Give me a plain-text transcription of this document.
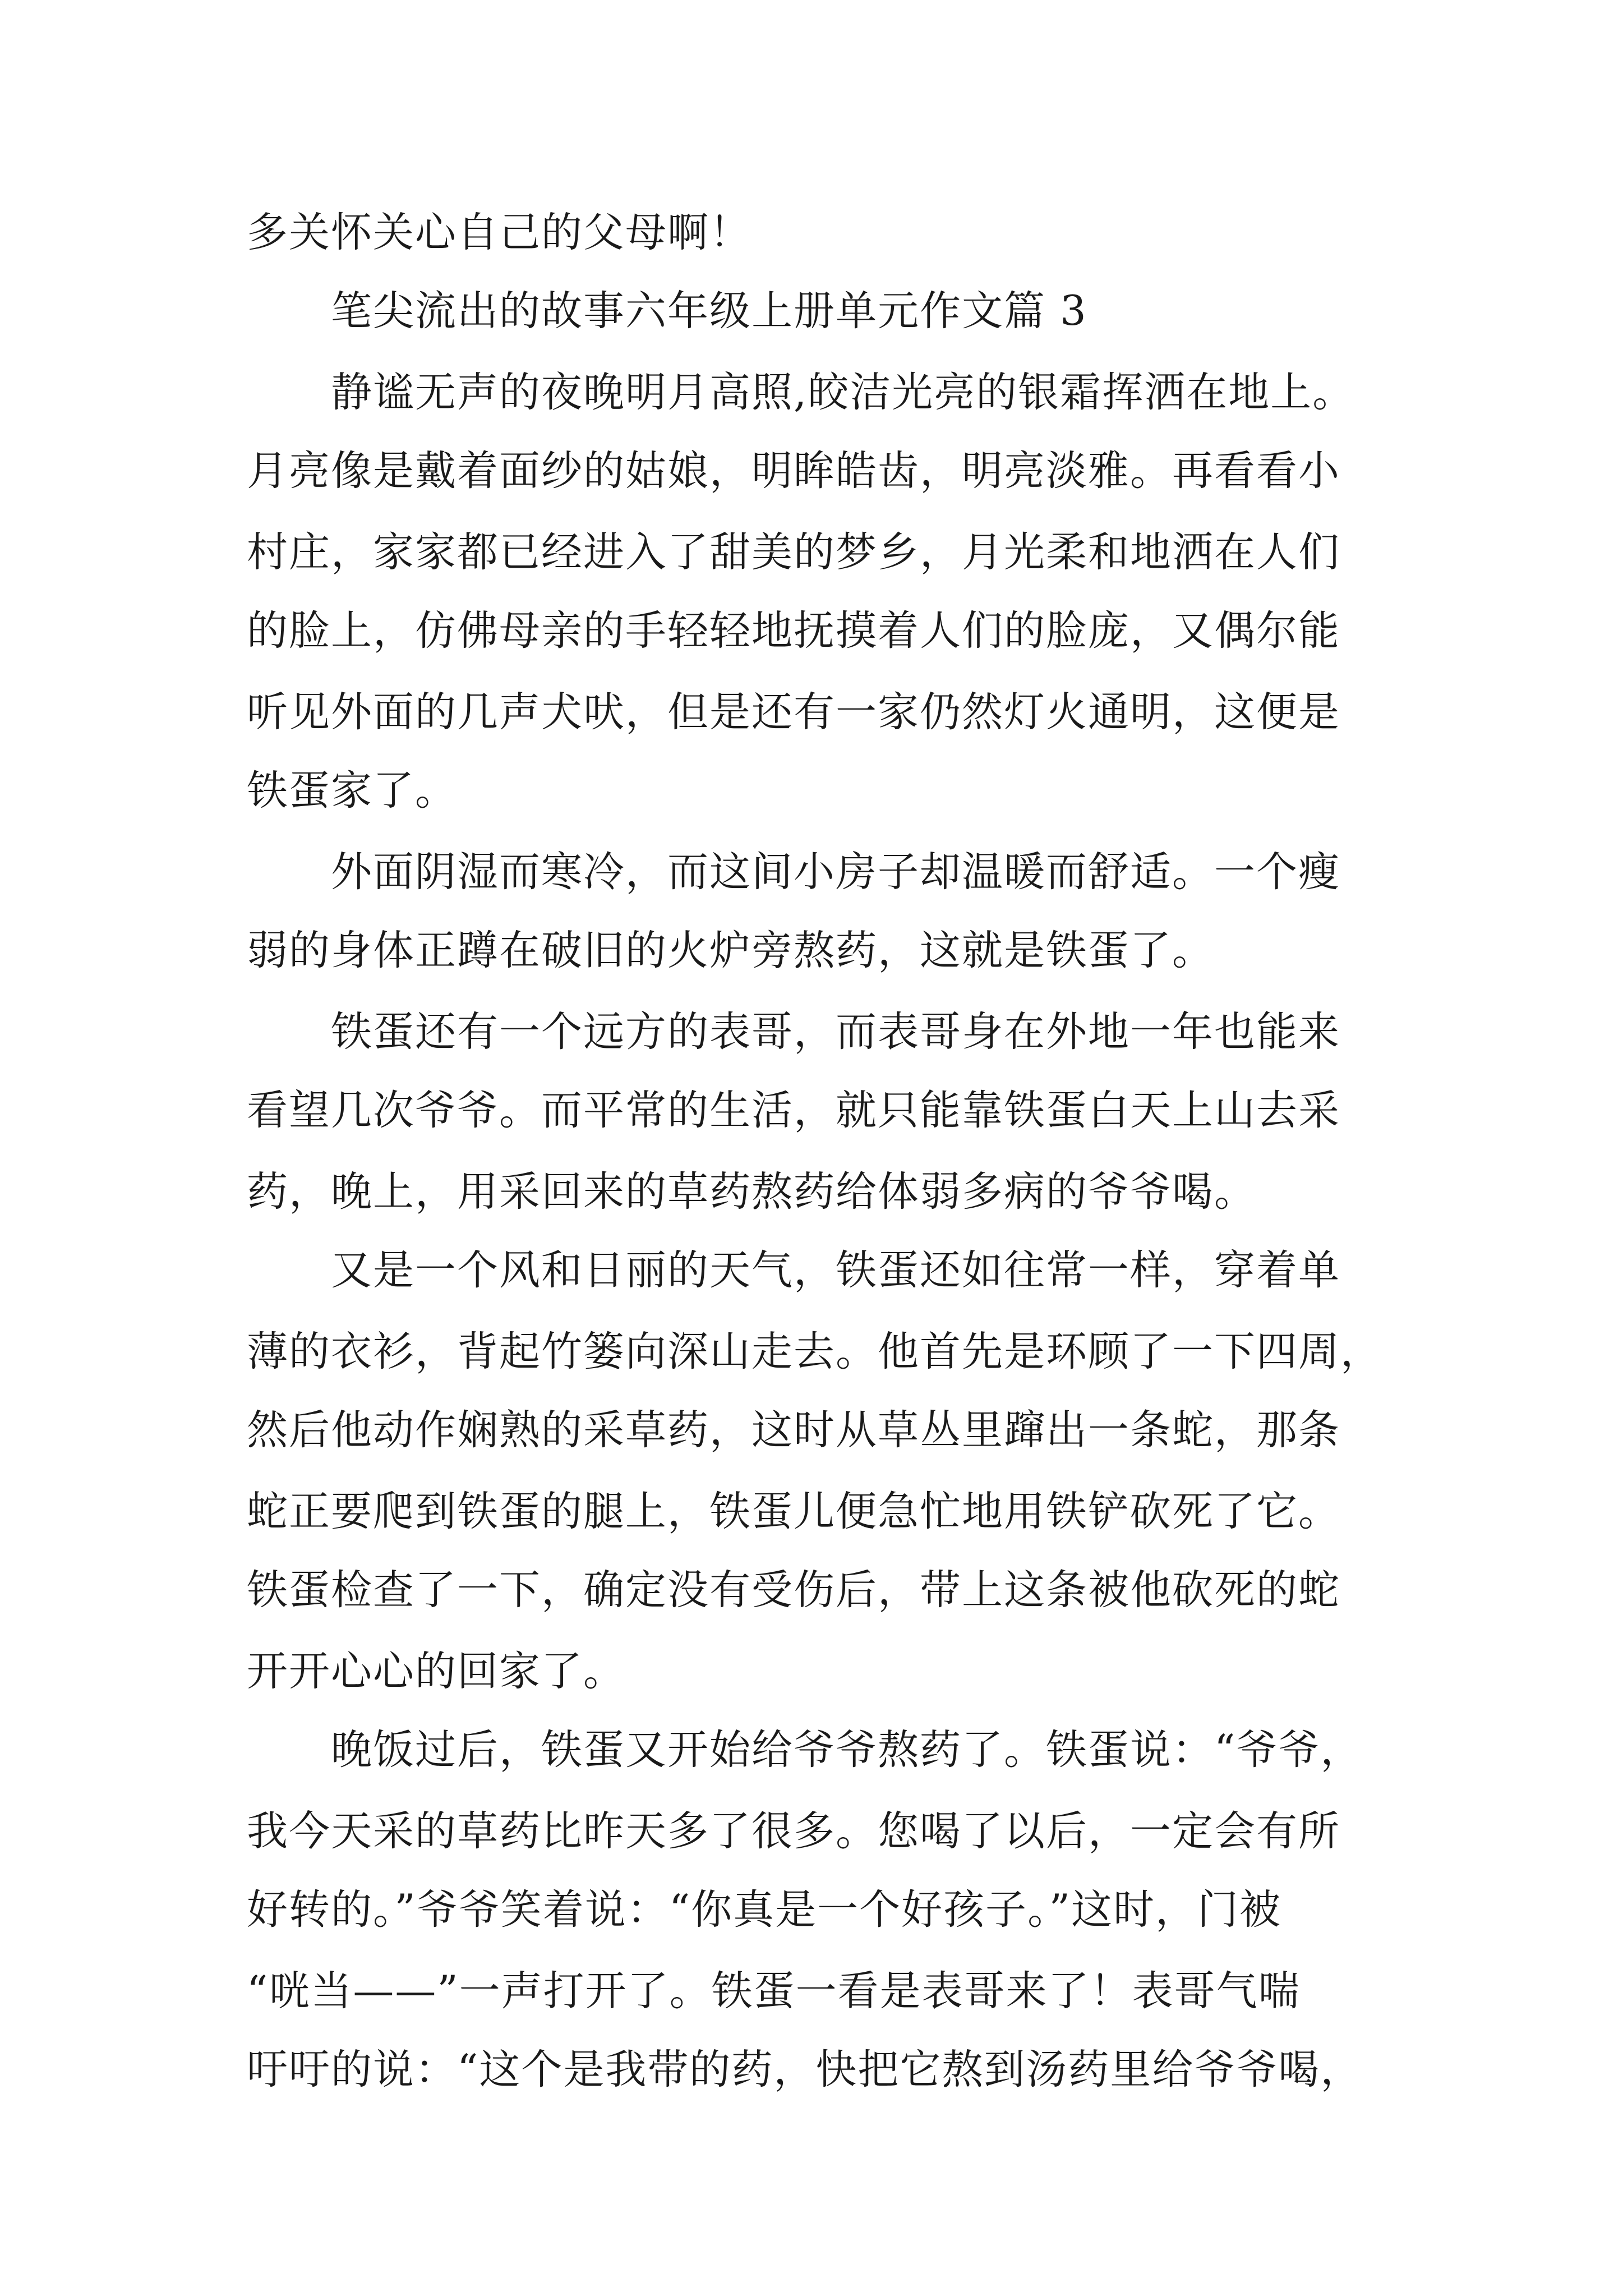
多关怀关心自己的父母啊！
笔尖流出的故事六年级上册单元作文篇 3
静谧无声的夜晚明月高照,皎洁光亮的银霜挥洒在地上。
月亮像是戴着面纱的姑娘，明眸皓齿，明亮淡雅。再看看小
村庄，家家都已经进入了甜美的梦乡，月光柔和地洒在人们
的脸上，仿佛母亲的手轻轻地抚摸着人们的脸庞，又偶尔能
听见外面的几声犬吠，但是还有一家仍然灯火通明，这便是
铁蛋家了。
外面阴湿而寒冷，而这间小房子却温暖而舒适。一个瘦
弱的身体正蹲在破旧的火炉旁熬药，这就是铁蛋了。
铁蛋还有一个远方的表哥，而表哥身在外地一年也能来
看望几次爷爷。而平常的生活，就只能靠铁蛋白天上山去采
药，晚上，用采回来的草药熬药给体弱多病的爷爷喝。
又是一个风和日丽的天气，铁蛋还如往常一样，穿着单
薄的衣衫，背起竹篓向深山走去。他首先是环顾了一下四周，
然后他动作娴熟的采草药，这时从草丛里蹿出一条蛇，那条
蛇正要爬到铁蛋的腿上，铁蛋儿便急忙地用铁铲砍死了它。
铁蛋检查了一下，确定没有受伤后，带上这条被他砍死的蛇
开开心心的回家了。
晚饭过后，铁蛋又开始给爷爷熬药了。铁蛋说：“爷爷，
我今天采的草药比昨天多了很多。您喝了以后，一定会有所
好转的。”爷爷笑着说：“你真是一个好孩子。”这时，门被
“咣当——”一声打开了。铁蛋一看是表哥来了！表哥气喘
吁吁的说：“这个是我带的药，快把它熬到汤药里给爷爷喝，
